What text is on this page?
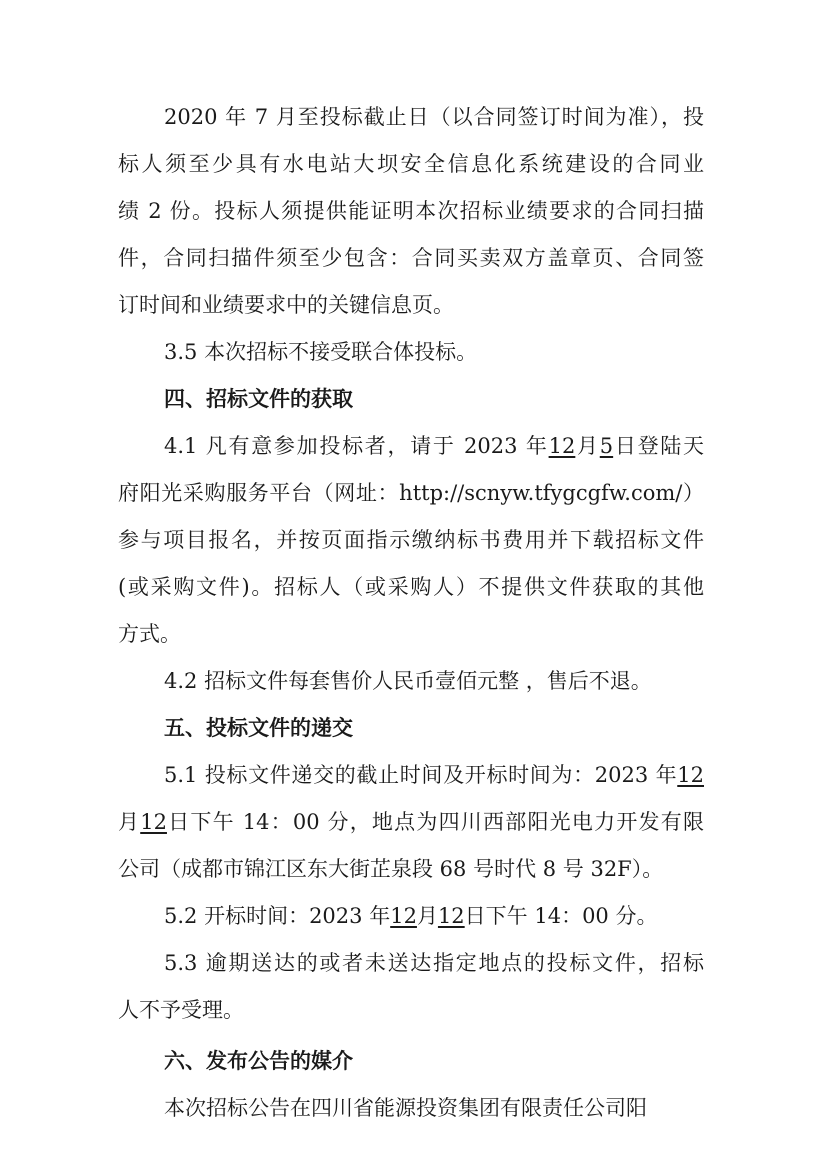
2020 年 7 月至投标截止日（以合同签订时间为准），投
标人须至少具有水电站大坝安全信息化系统建设的合同业
绩 2 份。投标人须提供能证明本次招标业绩要求的合同扫描
件，合同扫描件须至少包含：合同买卖双方盖章页、合同签
订时间和业绩要求中的关键信息页。
3.5 本次招标不接受联合体投标。
四、招标文件的获取
4.1 凡有意参加投标者，请于 2023 年12月5日登陆天
府阳光采购服务平台（网址：http://scnyw.tfygcgfw.com/）
参与项目报名，并按页面指示缴纳标书费用并下载招标文件
(或采购文件)。招标人（或采购人）不提供文件获取的其他
方式。
4.2 招标文件每套售价人民币壹佰元整 ，售后不退。
五、投标文件的递交
5.1 投标文件递交的截止时间及开标时间为：2023 年12
月12日下午 14：00 分，地点为四川西部阳光电力开发有限
公司（成都市锦江区东大街芷泉段 68 号时代 8 号 32F）。
5.2 开标时间：2023 年12月12日下午 14：00 分。
5.3 逾期送达的或者未送达指定地点的投标文件，招标
人不予受理。
六、发布公告的媒介
本次招标公告在四川省能源投资集团有限责任公司阳
